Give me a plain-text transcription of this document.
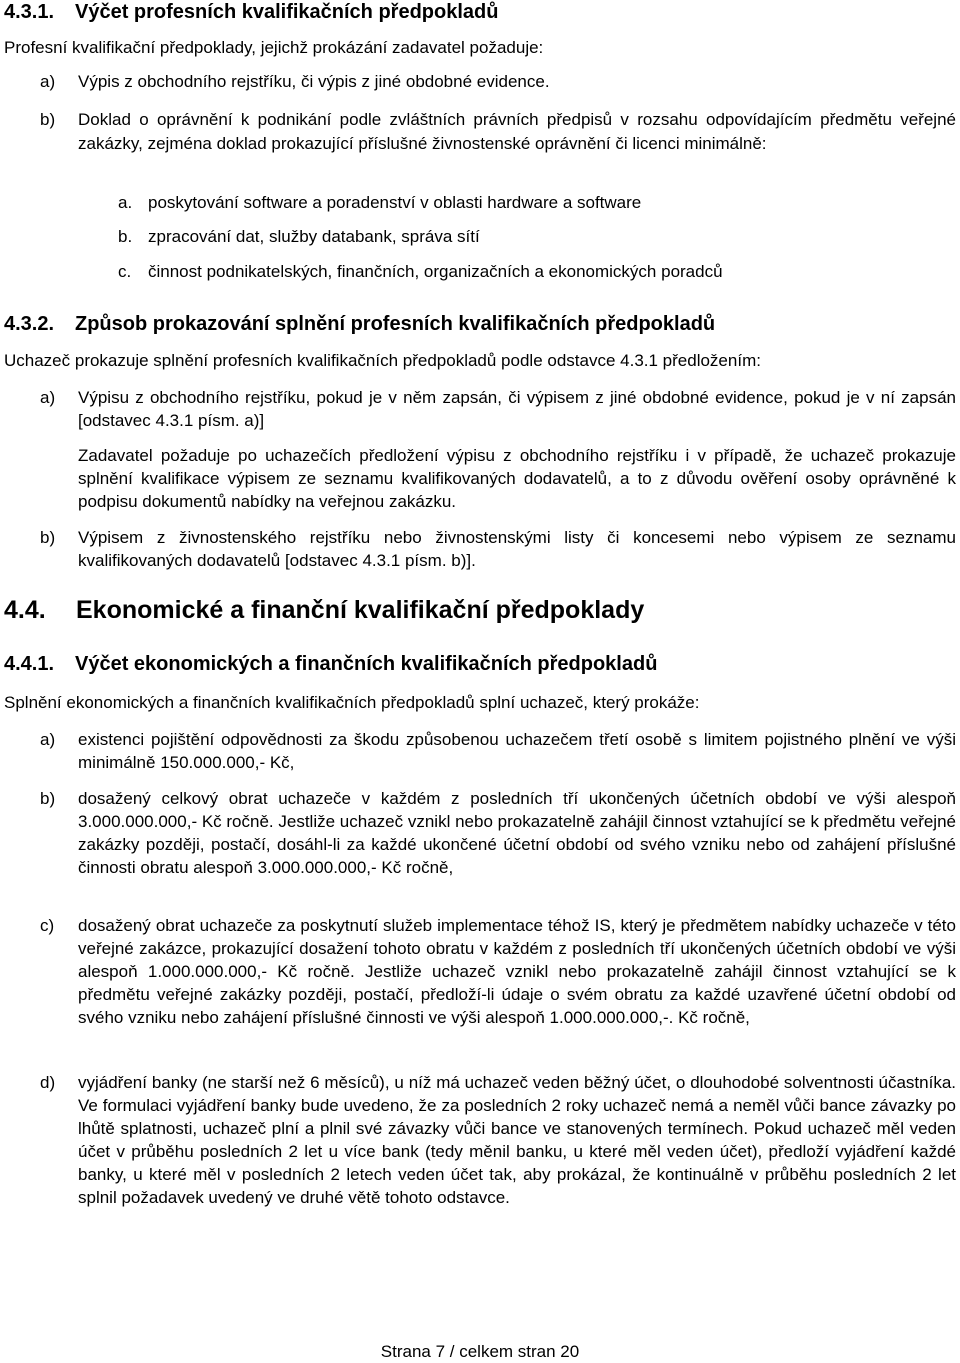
4.3.1. Výčet profesních kvalifikačních předpokladů

Profesní kvalifikační předpoklady, jejichž prokázání zadavatel požaduje:

a) Výpis z obchodního rejstříku, či výpis z jiné obdobné evidence.
b) Doklad o oprávnění k podnikání podle zvláštních právních předpisů v rozsahu odpovídajícím předmětu veřejné zakázky, zejména doklad prokazující příslušné živnostenské oprávnění či licenci minimálně:
a. poskytování software a poradenství v oblasti hardware a software
b. zpracování dat, služby databank, správa sítí
c. činnost podnikatelských, finančních, organizačních a ekonomických poradců
4.3.2. Způsob prokazování splnění profesních kvalifikačních předpokladů

Uchazeč prokazuje splnění profesních kvalifikačních předpokladů podle odstavce 4.3.1 předložením:

a) Výpisu z obchodního rejstříku, pokud je v něm zapsán, či výpisem z jiné obdobné evidence, pokud je v ní zapsán [odstavec 4.3.1 písm. a)]
Zadavatel požaduje po uchazečích předložení výpisu z obchodního rejstříku i v případě, že uchazeč prokazuje splnění kvalifikace výpisem ze seznamu kvalifikovaných dodavatelů, a to z důvodu ověření osoby oprávněné k podpisu dokumentů nabídky na veřejnou zakázku.
b) Výpisem z živnostenského rejstříku nebo živnostenskými listy či koncesemi nebo výpisem ze seznamu kvalifikovaných dodavatelů [odstavec 4.3.1 písm. b)].
4.4. Ekonomické a finanční kvalifikační předpoklady
4.4.1. Výčet ekonomických a finančních kvalifikačních předpokladů

Splnění ekonomických a finančních kvalifikačních předpokladů splní uchazeč, který prokáže:

a) existenci pojištění odpovědnosti za škodu způsobenou uchazečem třetí osobě s limitem pojistného plnění ve výši minimálně 150.000.000,- Kč,
b) dosažený celkový obrat uchazeče v každém z posledních tří ukončených účetních období ve výši alespoň 3.000.000.000,- Kč ročně. Jestliže uchazeč vznikl nebo prokazatelně zahájil činnost vztahující se k předmětu veřejné zakázky později, postačí, dosáhl-li za každé ukončené účetní období od svého vzniku nebo od zahájení příslušné činnosti obratu alespoň 3.000.000.000,- Kč ročně,
c) dosažený obrat uchazeče za poskytnutí služeb implementace téhož IS, který je předmětem nabídky uchazeče v této veřejné zakázce, prokazující dosažení tohoto obratu v každém z posledních tří ukončených účetních období ve výši alespoň 1.000.000.000,- Kč ročně. Jestliže uchazeč vznikl nebo prokazatelně zahájil činnost vztahující se k předmětu veřejné zakázky později, postačí, předloží-li údaje o svém obratu za každé uzavřené účetní období od svého vzniku nebo zahájení příslušné činnosti ve výši alespoň 1.000.000.000,-. Kč ročně,
d) vyjádření banky (ne starší než 6 měsíců), u níž má uchazeč veden běžný účet, o dlouhodobé solventnosti účastníka. Ve formulaci vyjádření banky bude uvedeno, že za posledních 2 roky uchazeč nemá a neměl vůči bance závazky po lhůtě splatnosti, uchazeč plní a plnil své závazky vůči bance ve stanovených termínech. Pokud uchazeč měl veden účet v průběhu posledních 2 let u více bank (tedy měnil banku, u které měl veden účet), předloží vyjádření každé banky, u které měl v posledních 2 letech veden účet tak, aby prokázal, že kontinuálně v průběhu posledních 2 let splnil požadavek uvedený ve druhé větě tohoto odstavce.
Strana 7 / celkem stran 20
